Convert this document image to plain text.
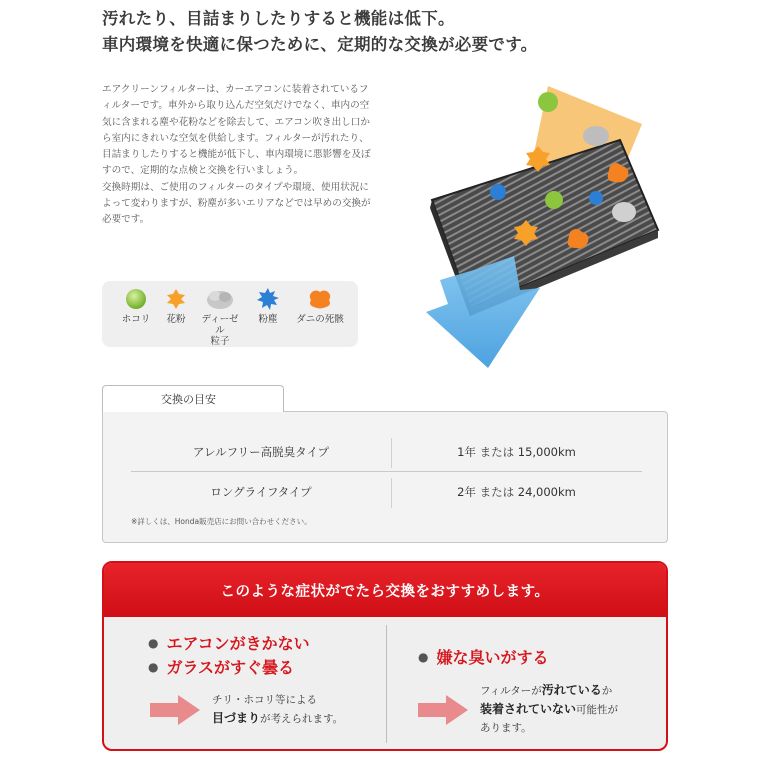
汚れたり、目詰まりしたりすると機能は低下。
車内環境を快適に保つために、定期的な交換が必要です。

エアクリーンフィルターは、カーエアコンに装着されているフ
ィルターです。車外から取り込んだ空気だけでなく、車内の空
気に含まれる塵や花粉などを除去して、エアコン吹き出し口か
ら室内にきれいな空気を供給します。フィルターが汚れたり、
目詰まりしたりすると機能が低下し、車内環境に悪影響を及ぼ
すので、定期的な点検と交換を行いましょう。

交換時期は、ご使用のフィルターのタイプや環境、使用状況に
よって変わりますが、粉塵が多いエリアなどでは早めの交換が
必要です。

ホコリ	花粉	ディーゼル
粒子
粉塵	ダニの死骸
交換の目安
アレルフリー高脱臭タイプ	1年 または 15,000km
ロングライフタイプ	2年 または 24,000km
※詳しくは、Honda販売店にお問い合わせください。
このような症状がでたら交換をおすすめします。
● エアコンがきかない
● ガラスがすぐ曇る
チリ・ホコリ等による
目づまりが考えられます。
● 嫌な臭いがする
フィルターが汚れているか
装着されていない可能性が
あります。
